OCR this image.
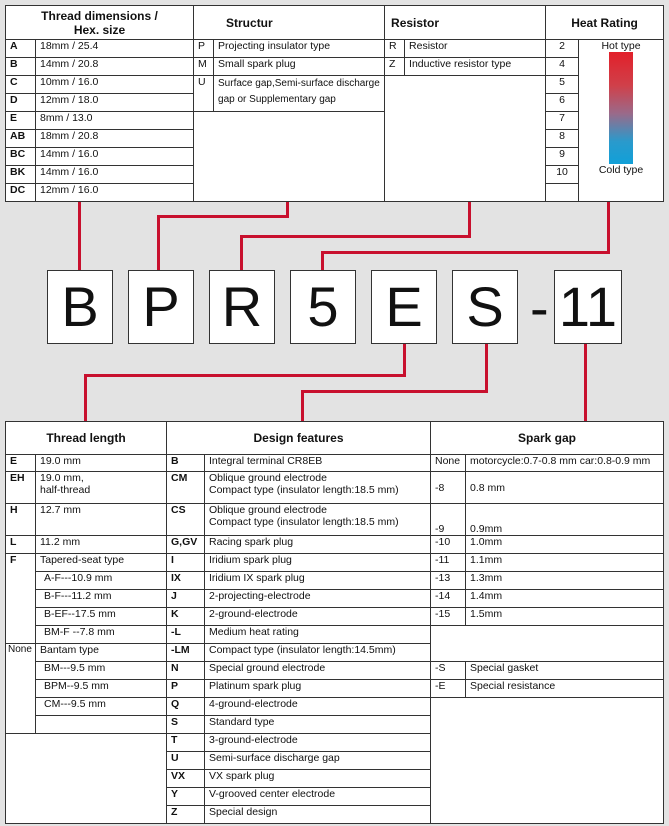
Thread dimensions /
Hex. size		Structur		Resistor		Heat Rating	
A	18mm / 25.4	P	Projecting insulator type	R	Resistor	2	Hot type
Cold type

B	14mm / 20.8	M	Small spark plug	Z	Inductive resistor type	4	
C	10mm / 16.0	U	Surface gap,Semi-surface discharge gap or Supplementary gap			5	
D	12mm / 18.0					6	
E	8mm / 13.0					7	
AB	18mm / 20.8					8	
BC	14mm / 16.0					9	
BK	14mm / 16.0					10	
DC	12mm / 16.0						
B P R 5 E S - 11
Thread length		Design features		Spark gap	
E	19.0 mm	B	Integral terminal CR8EB	None	motorcycle:0.7-0.8 mm car:0.8-0.9 mm
EH	19.0 mm,
half-thread	CM	Oblique ground electrode
Compact type (insulator length:18.5 mm)	-8	0.8 mm
H	12.7 mm	CS	Oblique ground electrode
Compact type (insulator length:18.5 mm)	-9	0.9mm
L	11.2 mm	G,GV	Racing spark plug	-10	1.0mm
F	Tapered-seat type	I	Iridium spark plug	-11	1.1mm
	A-F---10.9 mm	IX	Iridium IX spark plug	-13	1.3mm
	B-F---11.2 mm	J	2-projecting-electrode	-14	1.4mm
	B-EF--17.5 mm	K	2-ground-electrode	-15	1.5mm
	BM-F --7.8 mm	-L	Medium heat rating		
None	Bantam type	-LM	Compact type (insulator length:14.5mm)		
	BM---9.5 mm	N	Special ground electrode	-S	Special gasket
	BPM--9.5 mm	P	Platinum spark plug	-E	Special resistance
	CM---9.5 mm	Q	4-ground-electrode		
		S	Standard type		
		T	3-ground-electrode		
		U	Semi-surface discharge gap		
		VX	VX spark plug		
		Y	V-grooved center electrode		
		Z	Special design		
